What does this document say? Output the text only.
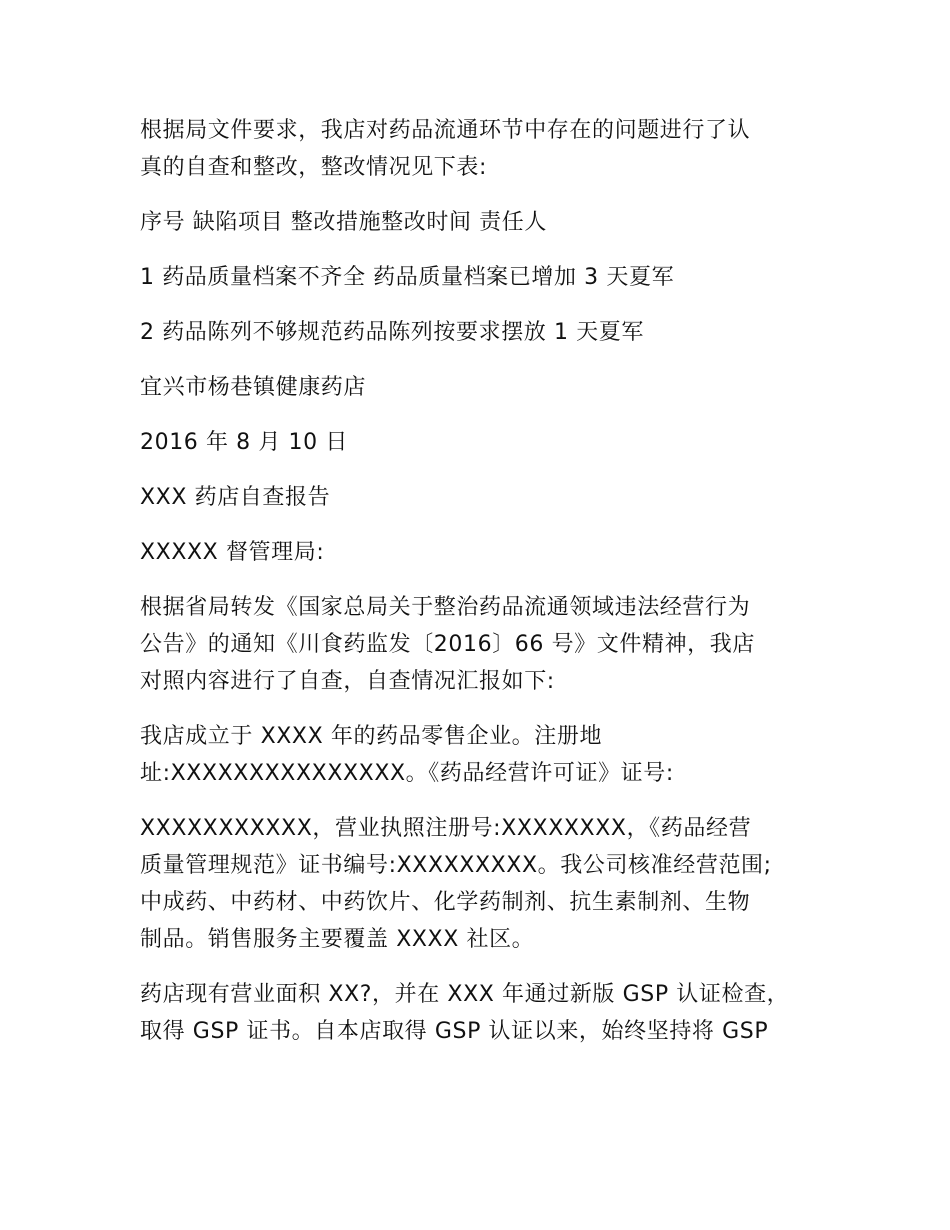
根据局文件要求，我店对药品流通环节中存在的问题进行了认
真的自查和整改，整改情况见下表:

序号 缺陷项目 整改措施整改时间 责任人

1 药品质量档案不齐全 药品质量档案已增加 3 天夏军

2 药品陈列不够规范药品陈列按要求摆放 1 天夏军

宜兴市杨巷镇健康药店

2016 年 8 月 10 日

XXX 药店自查报告

XXXXX 督管理局:

根据省局转发《国家总局关于整治药品流通领域违法经营行为
公告》的通知《川食药监发〔2016〕66 号》文件精神，我店
对照内容进行了自查，自查情况汇报如下:

我店成立于 XXXX 年的药品零售企业。注册地
址:XXXXXXXXXXXXXXX。《药品经营许可证》证号:

XXXXXXXXXXX，营业执照注册号:XXXXXXXX，《药品经营
质量管理规范》证书编号:XXXXXXXXX。我公司核准经营范围;
中成药、中药材、中药饮片、化学药制剂、抗生素制剂、生物
制品。销售服务主要覆盖 XXXX 社区。

药店现有营业面积 XX?，并在 XXX 年通过新版 GSP 认证检查，
取得 GSP 证书。自本店取得 GSP 认证以来，始终坚持将 GSP
